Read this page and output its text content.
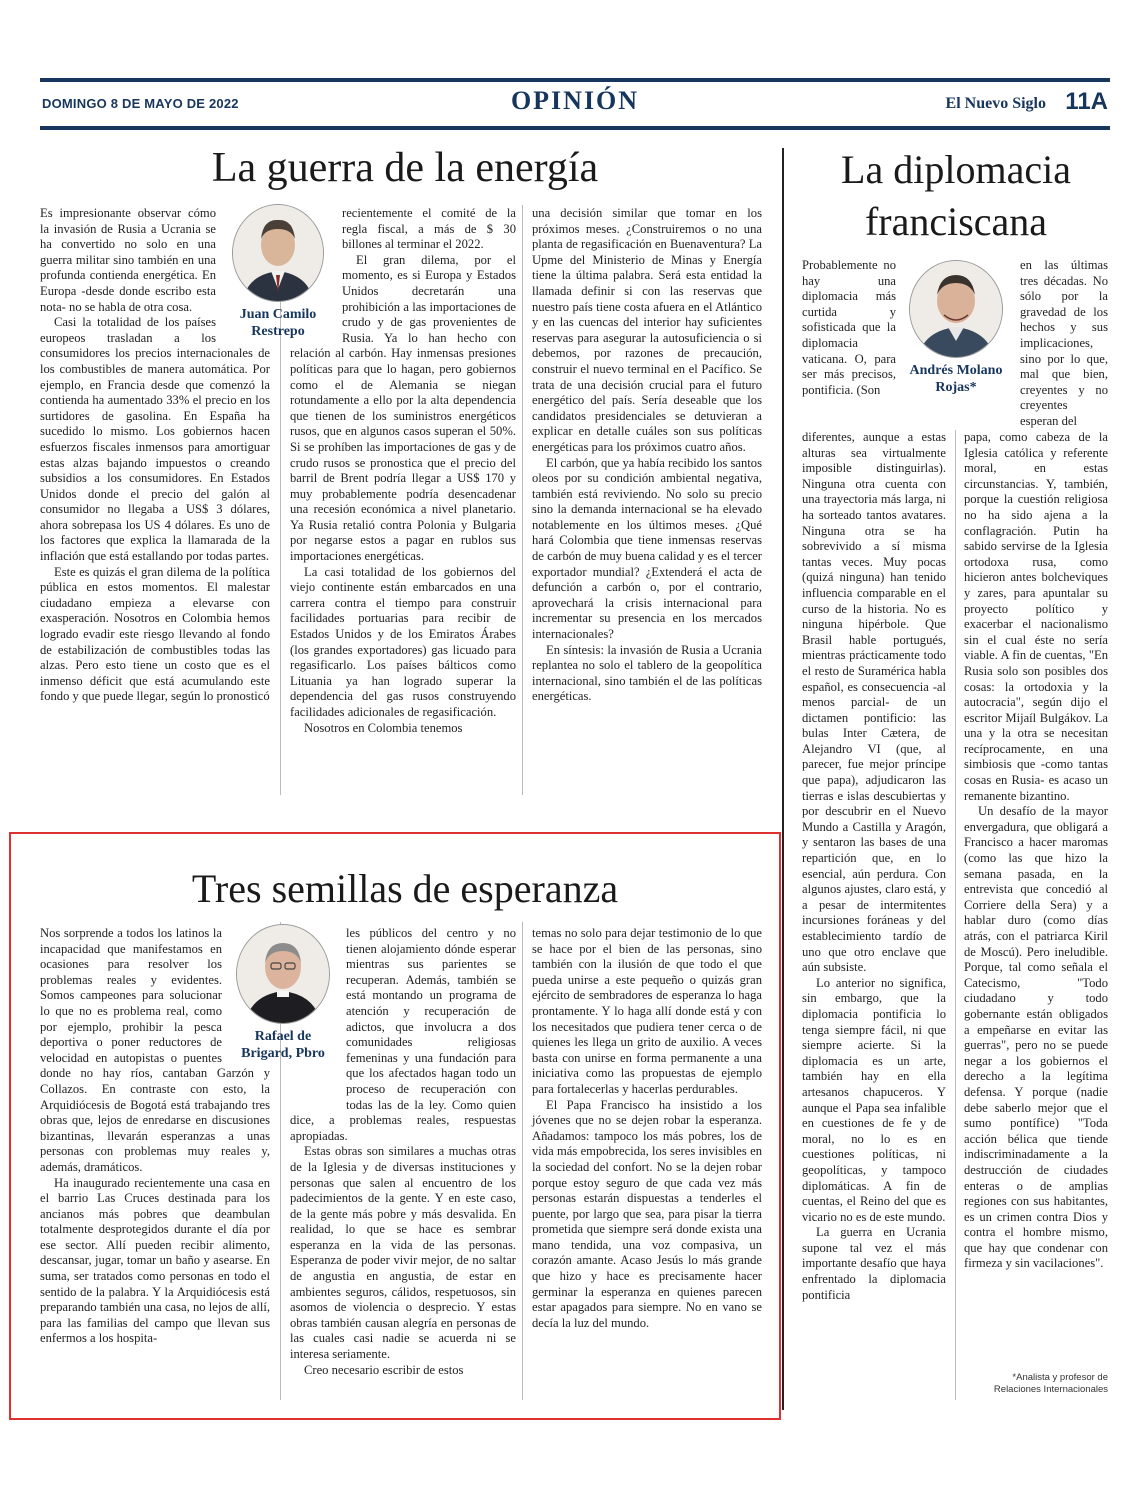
DOMINGO 8 DE MAYO DE 2022	OPINIÓN	El Nuevo Siglo 11A
La guerra de la energía
Juan Camilo
Restrepo

Es impresionante observar cómo la invasión de Rusia a Ucrania se ha convertido no solo en una guerra militar sino también en una profunda contienda energética. En Europa -desde donde escribo esta nota- no se habla de otra cosa.

Casi la totalidad de los países europeos trasladan a los consumidores los precios internacionales de los combustibles de manera automática. Por ejemplo, en Francia desde que comenzó la contienda ha aumentado 33% el precio en los surtidores de gasolina. En España ha sucedido lo mismo. Los gobiernos hacen esfuerzos fiscales inmensos para amortiguar estas alzas bajando impuestos o creando subsidios a los consumidores. En Estados Unidos donde el precio del galón al consumidor no llegaba a US$ 3 dólares, ahora sobrepasa los US 4 dólares. Es uno de los factores que explica la llamarada de la inflación que está estallando por todas partes.

Este es quizás el gran dilema de la política pública en estos momentos. El malestar ciudadano empieza a elevarse con exasperación. Nosotros en Colombia hemos logrado evadir este riesgo llevando al fondo de estabilización de combustibles todas las alzas. Pero esto tiene un costo que es el inmenso déficit que está acumulando este fondo y que puede llegar, según lo pronosticó

recientemente el comité de la regla fiscal, a más de $ 30 billones al terminar el 2022.

El gran dilema, por el momento, es si Europa y Estados Unidos decretarán una prohibición a las importaciones de crudo y de gas provenientes de Rusia. Ya lo han hecho con relación al carbón. Hay inmensas presiones políticas para que lo hagan, pero gobiernos como el de Alemania se niegan rotundamente a ello por la alta dependencia que tienen de los suministros energéticos rusos, que en algunos casos superan el 50%. Si se prohíben las importaciones de gas y de crudo rusos se pronostica que el precio del barril de Brent podría llegar a US$ 170 y muy probablemente podría desencadenar una recesión económica a nivel planetario. Ya Rusia retalió contra Polonia y Bulgaria por negarse estos a pagar en rublos sus importaciones energéticas.

La casi totalidad de los gobiernos del viejo continente están embarcados en una carrera contra el tiempo para construir facilidades portuarias para recibir de Estados Unidos y de los Emiratos Árabes (los grandes exportadores) gas licuado para regasificarlo. Los países bálticos como Lituania ya han logrado superar la dependencia del gas rusos construyendo facilidades adicionales de regasificación.

Nosotros en Colombia tenemos

una decisión similar que tomar en los próximos meses. ¿Construiremos o no una planta de regasificación en Buenaventura? La Upme del Ministerio de Minas y Energía tiene la última palabra. Será esta entidad la llamada definir si con las reservas que nuestro país tiene costa afuera en el Atlántico y en las cuencas del interior hay suficientes reservas para asegurar la autosuficiencia o si debemos, por razones de precaución, construir el nuevo terminal en el Pacífico. Se trata de una decisión crucial para el futuro energético del país. Sería deseable que los candidatos presidenciales se detuvieran a explicar en detalle cuáles son sus políticas energéticas para los próximos cuatro años.

El carbón, que ya había recibido los santos oleos por su condición ambiental negativa, también está reviviendo. No solo su precio sino la demanda internacional se ha elevado notablemente en los últimos meses. ¿Qué hará Colombia que tiene inmensas reservas de carbón de muy buena calidad y es el tercer exportador mundial? ¿Extenderá el acta de defunción a carbón o, por el contrario, aprovechará la crisis internacional para incrementar su presencia en los mercados internacionales?

En síntesis: la invasión de Rusia a Ucrania replantea no solo el tablero de la geopolítica internacional, sino también el de las políticas energéticas.

Tres semillas de esperanza
Rafael de
Brigard, Pbro

Nos sorprende a todos los latinos la incapacidad que manifestamos en ocasiones para resolver los problemas reales y evidentes. Somos campeones para solucionar lo que no es problema real, como por ejemplo, prohibir la pesca deportiva o poner reductores de velocidad en autopistas o puentes donde no hay ríos, cantaban Garzón y Collazos. En contraste con esto, la Arquidiócesis de Bogotá está trabajando tres obras que, lejos de enredarse en discusiones bizantinas, llevarán esperanzas a unas personas con problemas muy reales y, además, dramáticos.

Ha inaugurado recientemente una casa en el barrio Las Cruces destinada para los ancianos más pobres que deambulan totalmente desprotegidos durante el día por ese sector. Allí pueden recibir alimento, descansar, jugar, tomar un baño y asearse. En suma, ser tratados como personas en todo el sentido de la palabra. Y la Arquidiócesis está preparando también una casa, no lejos de allí, para las familias del campo que llevan sus enfermos a los hospita-

les públicos del centro y no tienen alojamiento dónde esperar mientras sus parientes se recuperan. Además, también se está montando un programa de atención y recuperación de adictos, que involucra a dos comunidades religiosas femeninas y una fundación para que los afectados hagan todo un proceso de recuperación con todas las de la ley. Como quien dice, a problemas reales, respuestas apropiadas.

Estas obras son similares a muchas otras de la Iglesia y de diversas instituciones y personas que salen al encuentro de los padecimientos de la gente. Y en este caso, de la gente más pobre y más desvalida. En realidad, lo que se hace es sembrar esperanza en la vida de las personas. Esperanza de poder vivir mejor, de no saltar de angustia en angustia, de estar en ambientes seguros, cálidos, respetuosos, sin asomos de violencia o desprecio. Y estas obras también causan alegría en personas de las cuales casi nadie se acuerda ni se interesa seriamente.

Creo necesario escribir de estos

temas no solo para dejar testimonio de lo que se hace por el bien de las personas, sino también con la ilusión de que todo el que pueda unirse a este pequeño o quizás gran ejército de sembradores de esperanza lo haga prontamente. Y lo haga allí donde está y con los necesitados que pudiera tener cerca o de quienes les llega un grito de auxilio. A veces basta con unirse en forma permanente a una iniciativa como las propuestas de ejemplo para fortalecerlas y hacerlas perdurables.

El Papa Francisco ha insistido a los jóvenes que no se dejen robar la esperanza. Añadamos: tampoco los más pobres, los de vida más empobrecida, los seres invisibles en la sociedad del confort. No se la dejen robar porque estoy seguro de que cada vez más personas estarán dispuestas a tenderles el puente, por largo que sea, para pisar la tierra prometida que siempre será donde exista una mano tendida, una voz compasiva, un corazón amante. Acaso Jesús lo más grande que hizo y hace es precisamente hacer germinar la esperanza en quienes parecen estar apagados para siempre. No en vano se decía la luz del mundo.

La diplomacia
franciscana
Andrés Molano
Rojas*

Probablemente no hay una diplomacia más curtida y sofisticada que la diplomacia vaticana. O, para ser más precisos, pontificia. (Son

en las últimas tres décadas. No sólo por la gravedad de los hechos y sus implicaciones, sino por lo que, mal que bien, creyentes y no creyentes esperan del

diferentes, aunque a estas alturas sea virtualmente imposible distinguirlas). Ninguna otra cuenta con una trayectoria más larga, ni ha sorteado tantos avatares. Ninguna otra se ha sobrevivido a sí misma tantas veces. Muy pocas (quizá ninguna) han tenido influencia comparable en el curso de la historia. No es ninguna hipérbole. Que Brasil hable portugués, mientras prácticamente todo el resto de Suramérica habla español, es consecuencia -al menos parcial- de un dictamen pontificio: las bulas Inter Cætera, de Alejandro VI (que, al parecer, fue mejor príncipe que papa), adjudicaron las tierras e islas descubiertas y por descubrir en el Nuevo Mundo a Castilla y Aragón, y sentaron las bases de una repartición que, en lo esencial, aún perdura. Con algunos ajustes, claro está, y a pesar de intermitentes incursiones foráneas y del establecimiento tardío de uno que otro enclave que aún subsiste.

Lo anterior no significa, sin embargo, que la diplomacia pontificia lo tenga siempre fácil, ni que siempre acierte. Si la diplomacia es un arte, también hay en ella artesanos chapuceros. Y aunque el Papa sea infalible en cuestiones de fe y de moral, no lo es en cuestiones políticas, ni geopolíticas, y tampoco diplomáticas. A fin de cuentas, el Reino del que es vicario no es de este mundo.

La guerra en Ucrania supone tal vez el más importante desafío que haya enfrentado la diplomacia pontificia

papa, como cabeza de la Iglesia católica y referente moral, en estas circunstancias. Y, también, porque la cuestión religiosa no ha sido ajena a la conflagración. Putin ha sabido servirse de la Iglesia ortodoxa rusa, como hicieron antes bolcheviques y zares, para apuntalar su proyecto político y exacerbar el nacionalismo sin el cual éste no sería viable. A fin de cuentas, "En Rusia solo son posibles dos cosas: la ortodoxia y la autocracia", según dijo el escritor Mijaíl Bulgákov. La una y la otra se necesitan recíprocamente, en una simbiosis que -como tantas cosas en Rusia- es acaso un remanente bizantino.

Un desafío de la mayor envergadura, que obligará a Francisco a hacer maromas (como las que hizo la semana pasada, en la entrevista que concedió al Corriere della Sera) y a hablar duro (como días atrás, con el patriarca Kiril de Moscú). Pero ineludible. Porque, tal como señala el Catecismo, "Todo ciudadano y todo gobernante están obligados a empeñarse en evitar las guerras", pero no se puede negar a los gobiernos el derecho a la legítima defensa. Y porque (nadie debe saberlo mejor que el sumo pontífice) "Toda acción bélica que tiende indiscriminadamente a la destrucción de ciudades enteras o de amplias regiones con sus habitantes, es un crimen contra Dios y contra el hombre mismo, que hay que condenar con firmeza y sin vacilaciones".

*Analista y profesor de
Relaciones Internacionales
